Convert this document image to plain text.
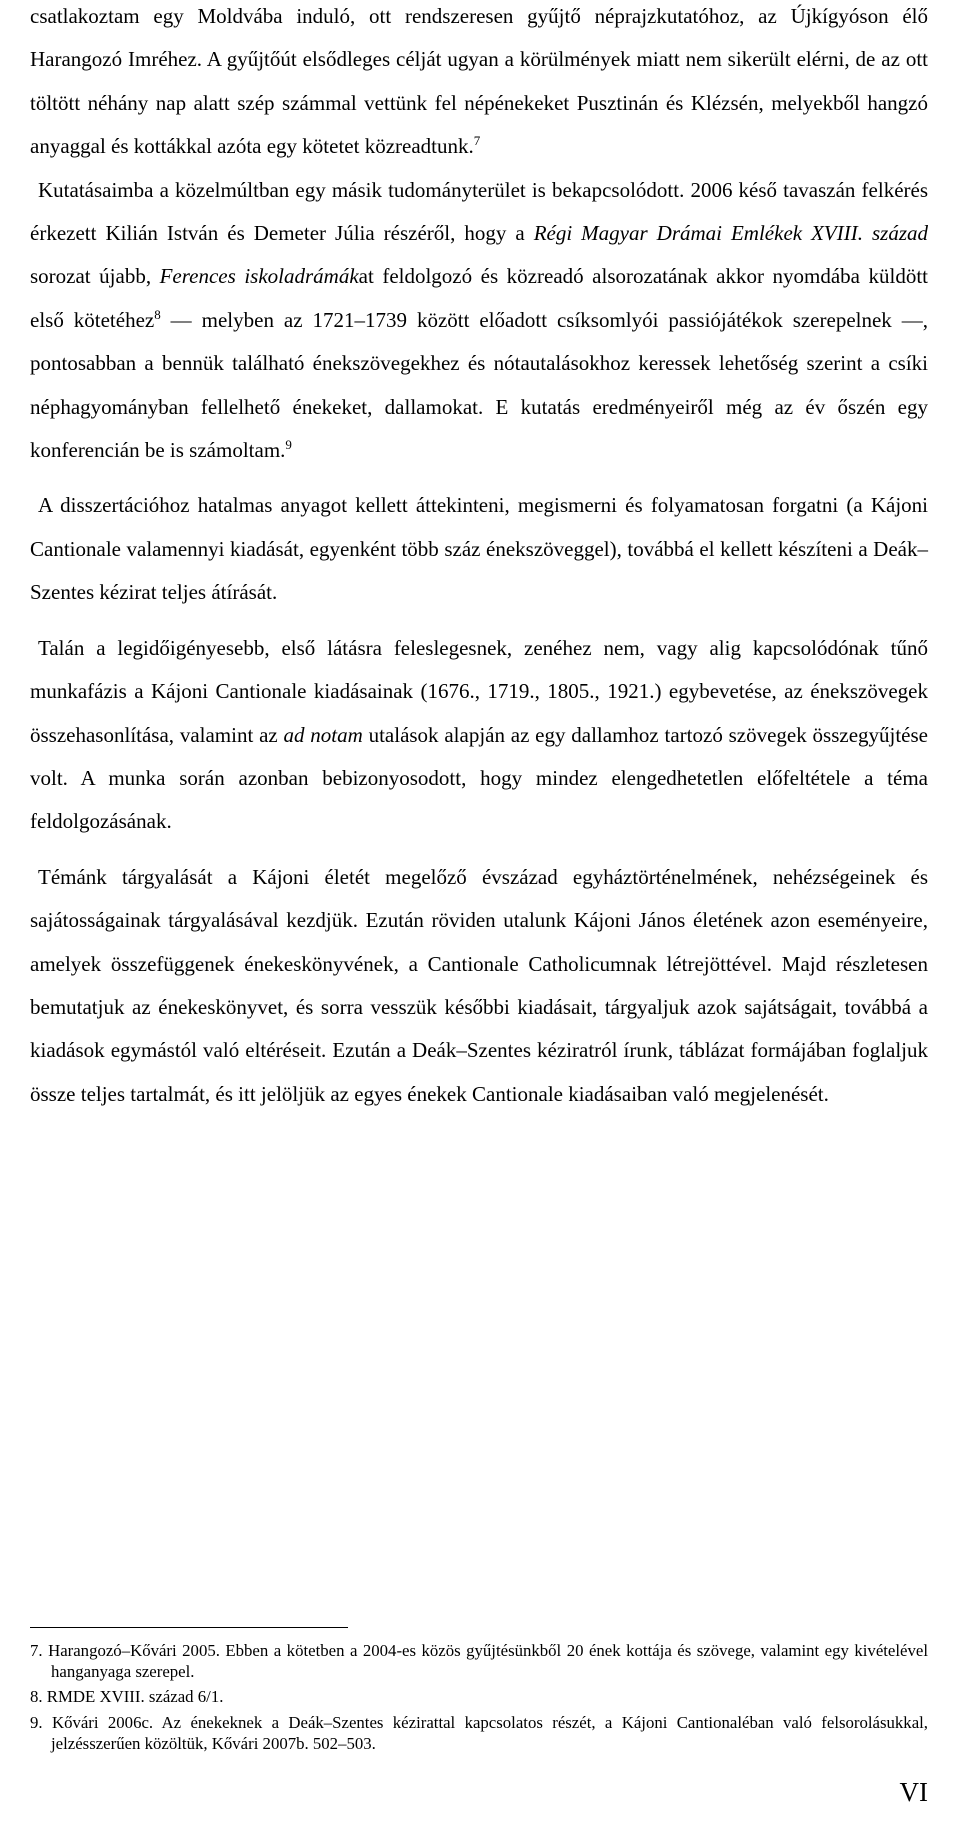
csatlakoztam egy Moldvába induló, ott rendszeresen gyűjtő néprajzkutatóhoz, az Újkígyóson élő Harangozó Imréhez. A gyűjtőút elsődleges célját ugyan a körülmények miatt nem sikerült elérni, de az ott töltött néhány nap alatt szép számmal vettünk fel népénekeket Pusztinán és Klézsén, melyekből hangzó anyaggal és kottákkal azóta egy kötetet közreadtunk.$^7$

Kutatásaimba a közelmúltban egy másik tudományterület is bekapcsolódott. 2006 késő tavaszán felkérés érkezett Kilián István és Demeter Júlia részéről, hogy a Régi Magyar Drámai Emlékek XVIII. század sorozat újabb, Ferences iskoladrámákat feldolgozó és közreadó alsorozatának akkor nyomdába küldött első kötetéhez$^8$ — melyben az 1721–1739 között előadott csíksomlyói passiójátékok szerepelnek —, pontosabban a bennük található énekszövegekhez és nótautalásokhoz keressek lehetőség szerint a csíki néphagyományban fellelhető énekeket, dallamokat. E kutatás eredményeiről még az év őszén egy konferencián be is számoltam.$^9$

A disszertációhoz hatalmas anyagot kellett áttekinteni, megismerni és folyamatosan forgatni (a Kájoni Cantionale valamennyi kiadását, egyenként több száz énekszöveggel), továbbá el kellett készíteni a Deák–Szentes kézirat teljes átírását.

Talán a legidőigényesebb, első látásra feleslegesnek, zenéhez nem, vagy alig kapcsolódónak tűnő munkafázis a Kájoni Cantionale kiadásainak (1676., 1719., 1805., 1921.) egybevetése, az énekszövegek összehasonlítása, valamint az ad notam utalások alapján az egy dallamhoz tartozó szövegek összegyűjtése volt. A munka során azonban bebizonyosodott, hogy mindez elengedhetetlen előfeltétele a téma feldolgozásának.

Témánk tárgyalását a Kájoni életét megelőző évszázad egyháztörténelmének, nehézségeinek és sajátosságainak tárgyalásával kezdjük. Ezután röviden utalunk Kájoni János életének azon eseményeire, amelyek összefüggenek énekeskönyvének, a Cantionale Catholicumnak létrejöttével. Majd részletesen bemutatjuk az énekeskönyvet, és sorra vesszük későbbi kiadásait, tárgyaljuk azok sajátságait, továbbá a kiadások egymástól való eltéréseit. Ezután a Deák–Szentes kéziratról írunk, táblázat formájában foglaljuk össze teljes tartalmát, és itt jelöljük az egyes énekek Cantionale kiadásaiban való megjelenését.

7. Harangozó–Kővári 2005. Ebben a kötetben a 2004-es közös gyűjtésünkből 20 ének kottája és szövege, valamint egy kivételével hanganyaga szerepel.

8. RMDE XVIII. század 6/1.

9. Kővári 2006c. Az énekeknek a Deák–Szentes kézirattal kapcsolatos részét, a Kájoni Cantionaléban való felsorolásukkal, jelzésszerűen közöltük, Kővári 2007b. 502–503.

VI
